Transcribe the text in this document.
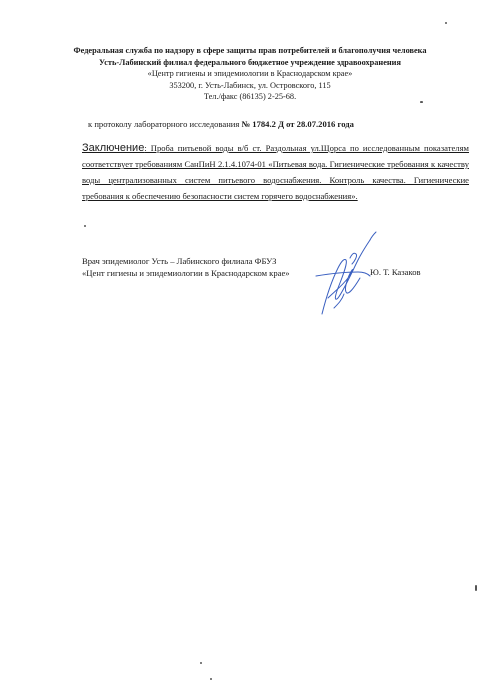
Федеральная служба по надзору в сфере защиты прав потребителей и благополучия человека
Усть-Лабинский филиал федерального бюджетное учреждение здравоохранения
«Центр гигиены и эпидемиологии в Краснодарском крае»
353200, г. Усть-Лабинск, ул. Островского, 115
Тел./факс (86135) 2-25-68.
к протоколу лабораторного исследования № 1784.2 Д от 28.07.2016 года
Заключение: Проба питьевой воды в/б ст. Раздольная ул.Щорса по исследованным показателям соответствует требованиям СанПиН 2.1.4.1074-01 «Питьевая вода. Гигиенические требования к качеству воды централизованных систем питьевого водоснабжения. Контроль качества. Гигиенические требования к обеспечению безопасности систем горячего водоснабжения».
Врач эпидемиолог Усть – Лабинского филиала ФБУЗ
«Цент гигиены и эпидемиологии в Краснодарском крае»	Ю. Т. Казаков
